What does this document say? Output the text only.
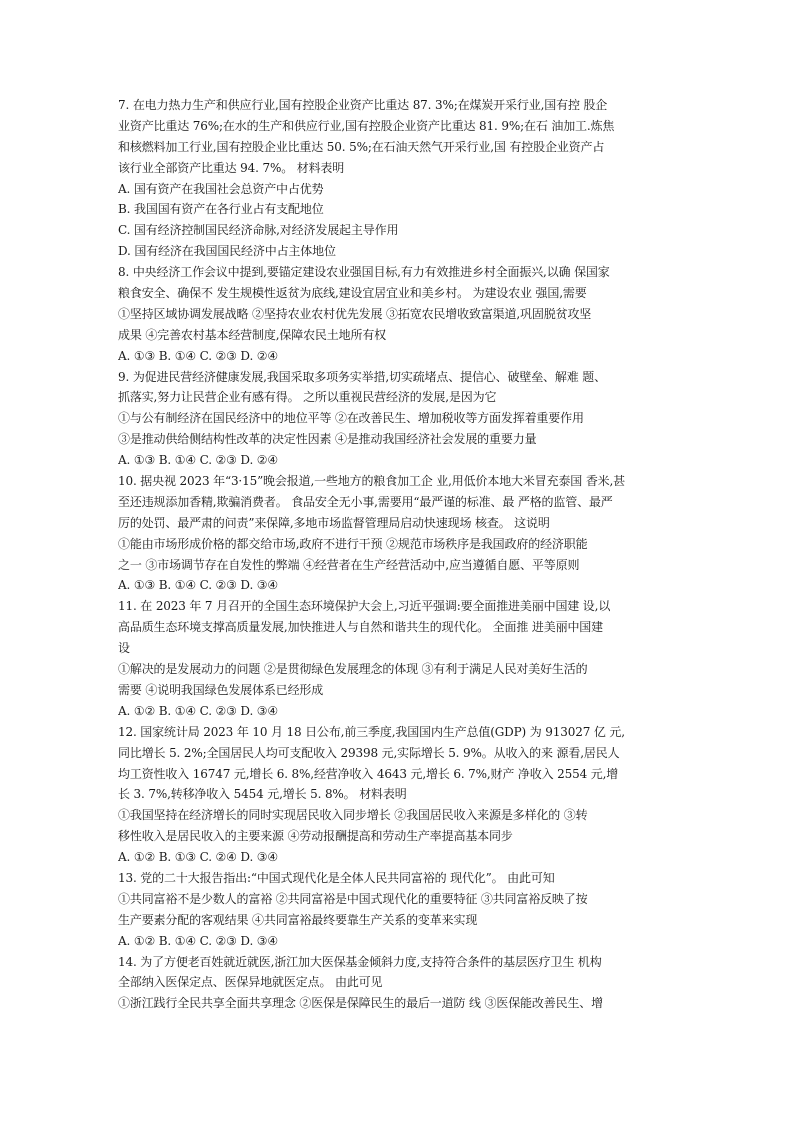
7. 在电力热力生产和供应行业,国有控股企业资产比重达 87. 3%;在煤炭开采行业,国有控 股企
业资产比重达 76%;在水的生产和供应行业,国有控股企业资产比重达 81. 9%;在石 油加工.炼焦
和核燃料加工行业,国有控股企业比重达 50. 5%;在石油天然气开采行业,国 有控股企业资产占
该行业全部资产比重达 94. 7%。 材料表明
A. 国有资产在我国社会总资产中占优势
B. 我国国有资产在各行业占有支配地位
C. 国有经济控制国民经济命脉,对经济发展起主导作用
D. 国有经济在我国国民经济中占主体地位
8. 中央经济工作会议中提到,要锚定建设农业强国目标,有力有效推进乡村全面振兴,以确 保国家
粮食安全、确保不 发生规模性返贫为底线,建设宜居宜业和美乡村。 为建设农业 强国,需要
①坚持区域协调发展战略 ②坚持农业农村优先发展 ③拓宽农民增收致富渠道,巩固脱贫攻坚
成果 ④完善农村基本经营制度,保障农民土地所有权
A. ①③ B. ①④ C. ②③ D. ②④
9. 为促进民营经济健康发展,我国采取多项务实举措,切实疏堵点、提信心、破壁垒、解难 题、
抓落实,努力让民营企业有感有得。 之所以重视民营经济的发展,是因为它
①与公有制经济在国民经济中的地位平等 ②在改善民生、增加税收等方面发挥着重要作用
③是推动供给侧结构性改革的决定性因素 ④是推动我国经济社会发展的重要力量
A. ①③ B. ①④ C. ②③ D. ②④
10. 据央视 2023 年“3·15”晚会报道,一些地方的粮食加工企 业,用低价本地大米冒充泰国 香米,甚
至还违规添加香精,欺骗消费者。 食品安全无小事,需要用“最严谨的标准、最 严格的监管、最严
厉的处罚、最严肃的问责”来保障,多地市场监督管理局启动快速现场 核查。 这说明
①能由市场形成价格的都交给市场,政府不进行干预 ②规范市场秩序是我国政府的经济职能
之一 ③市场调节存在自发性的弊端 ④经营者在生产经营活动中,应当遵循自愿、平等原则
A. ①③ B. ①④ C. ②③ D. ③④
11. 在 2023 年 7 月召开的全国生态环境保护大会上,习近平强调:要全面推进美丽中国建 设,以
高品质生态环境支撑高质量发展,加快推进人与自然和谐共生的现代化。 全面推 进美丽中国建
设
①解决的是发展动力的问题 ②是贯彻绿色发展理念的体现 ③有利于满足人民对美好生活的
需要 ④说明我国绿色发展体系已经形成
A. ①② B. ①④ C. ②③ D. ③④
12. 国家统计局 2023 年 10 月 18 日公布,前三季度,我国国内生产总值(GDP) 为 913027 亿 元,
同比增长 5. 2%;全国居民人均可支配收入 29398 元,实际增长 5. 9%。从收入的来 源看,居民人
均工资性收入 16747 元,增长 6. 8%,经营净收入 4643 元,增长 6. 7%,财产 净收入 2554 元,增
长 3. 7%,转移净收入 5454 元,增长 5. 8%。 材料表明
①我国坚持在经济增长的同时实现居民收入同步增长 ②我国居民收入来源是多样化的 ③转
移性收入是居民收入的主要来源 ④劳动报酬提高和劳动生产率提高基本同步
A. ①② B. ①③ C. ②④ D. ③④
13. 党的二十大报告指出:“中国式现代化是全体人民共同富裕的 现代化”。 由此可知
①共同富裕不是少数人的富裕 ②共同富裕是中国式现代化的重要特征 ③共同富裕反映了按
生产要素分配的客观结果 ④共同富裕最终要靠生产关系的变革来实现
A. ①② B. ①④ C. ②③ D. ③④
14. 为了方便老百姓就近就医,浙江加大医保基金倾斜力度,支持符合条件的基层医疗卫生 机构
全部纳入医保定点、医保异地就医定点。 由此可见
①浙江践行全民共享全面共享理念 ②医保是保障民生的最后一道防 线 ③医保能改善民生、增
